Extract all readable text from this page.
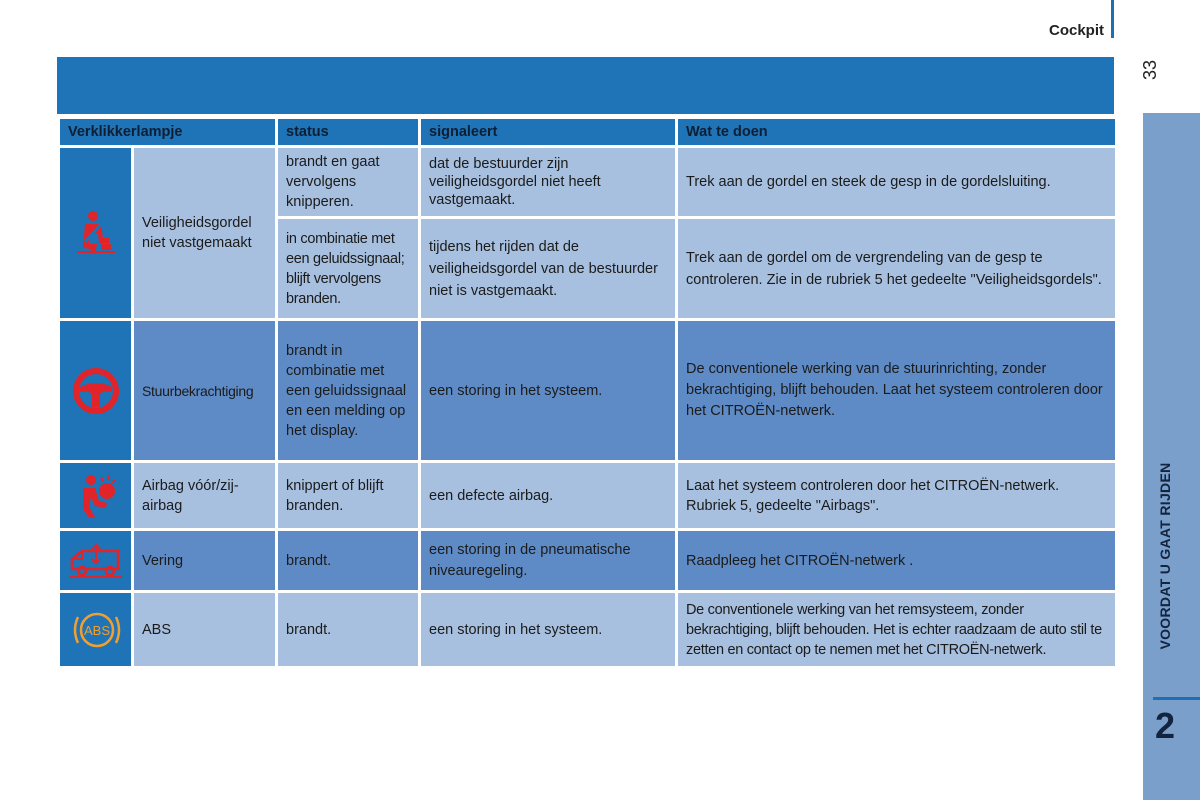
Cockpit
33
VOORDAT U GAAT RIJDEN
2
Verklikkerlampje		status	signaleert	Wat te doen

	Veiligheidsgordel niet vastgemaakt	brandt en gaat vervolgens knipperen.	dat de bestuurder zijn veiligheidsgordel niet heeft vastgemaakt.	Trek aan de gordel en steek de gesp in de gordelsluiting.
		in combinatie met een geluidssignaal; blijft vervolgens branden.	tijdens het rijden dat de veiligheidsgordel van de bestuurder niet is vastgemaakt.	Trek aan de gordel om de vergrendeling van de gesp te controleren. Zie in de rubriek 5 het gedeelte "Veiligheidsgordels".

	Stuurbekrachtiging	brandt in combinatie met een geluidssignaal en een melding op het display.	een storing in het systeem.	De conventionele werking van de stuurinrichting, zonder bekrachtiging, blijft behouden. Laat het systeem controleren door het CITROËN-netwerk.

	Airbag vóór/zij-airbag	knippert of blijft branden.	een defecte airbag.	Laat het systeem controleren door het CITROËN-netwerk. Rubriek 5, gedeelte "Airbags".

	Vering	brandt.	een storing in de pneumatische niveauregeling.	Raadpleeg het CITROËN-netwerk .

ABS	ABS	brandt.	een storing in het systeem.	De conventionele werking van het remsysteem, zonder bekrachtiging, blijft behouden. Het is echter raadzaam de auto stil te zetten en contact op te nemen met het CITROËN-netwerk.
